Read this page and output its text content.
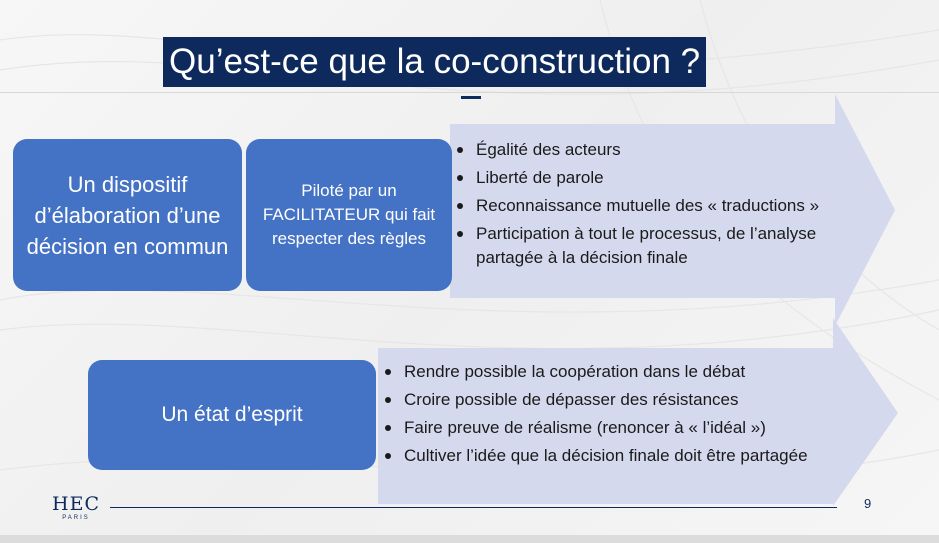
Qu’est-ce que la co-construction ?
Un dispositif d’élaboration d’une décision en commun
Piloté par un FACILITATEUR qui fait respecter des règles
Égalité des acteurs
Liberté de parole
Reconnaissance mutuelle des « traductions »
Participation à tout le processus, de l’analyse partagée à la décision finale
Un état d’esprit
Rendre possible la coopération dans le débat
Croire possible de dépasser des résistances
Faire preuve de réalisme (renoncer à « l’idéal »)
Cultiver l’idée que la décision finale doit être partagée
HEC
PARIS
9
